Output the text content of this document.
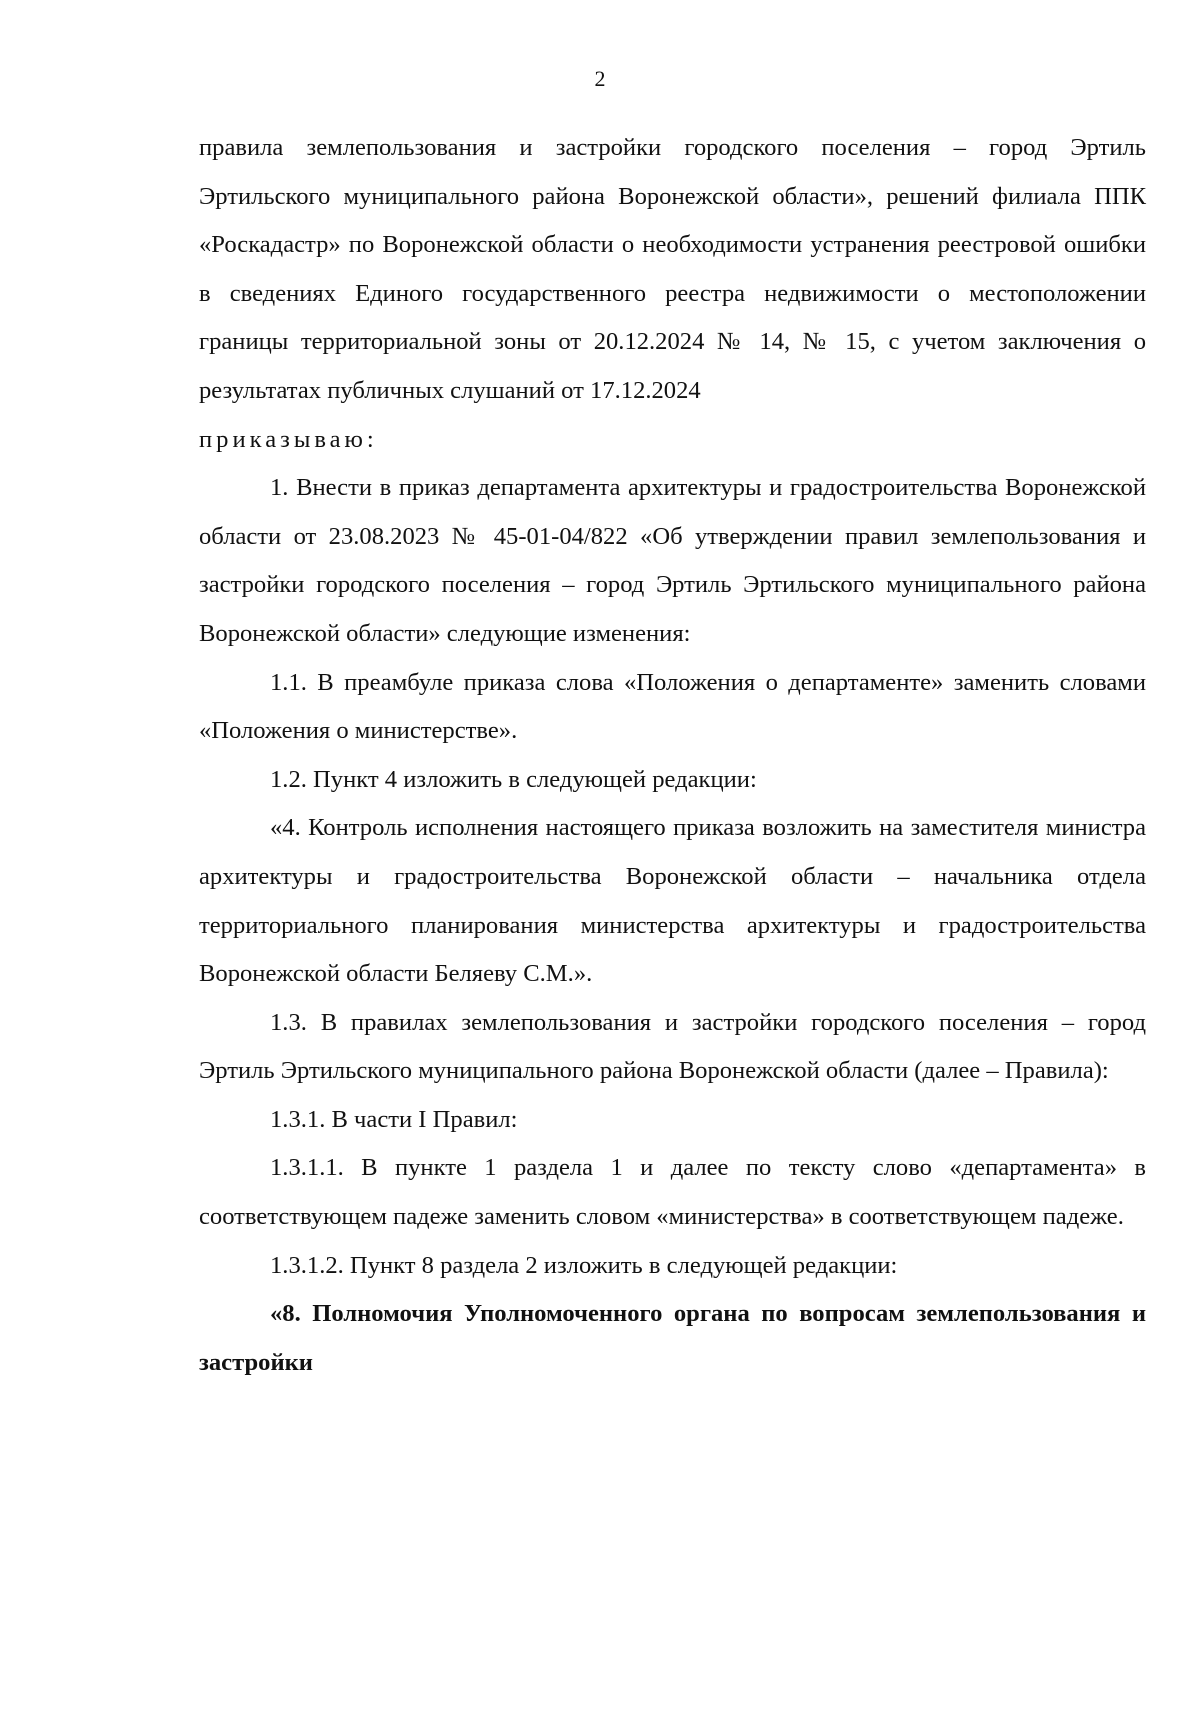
2

правила землепользования и застройки городского поселения – город Эртиль Эртильского муниципального района Воронежской области», решений филиала ППК «Роскадастр» по Воронежской области о необходимости устранения реестровой ошибки в сведениях Единого государственного реестра недвижимости о местоположении границы территориальной зоны от 20.12.2024 № 14, № 15, с учетом заключения о результатах публичных слушаний от 17.12.2024

приказываю:

1. Внести в приказ департамента архитектуры и градостроительства Воронежской области от 23.08.2023 № 45-01-04/822 «Об утверждении правил землепользования и застройки городского поселения – город Эртиль Эртильского муниципального района Воронежской области» следующие изменения:

1.1. В преамбуле приказа слова «Положения о департаменте» заменить словами «Положения о министерстве».

1.2. Пункт 4 изложить в следующей редакции:

«4. Контроль исполнения настоящего приказа возложить на заместителя министра архитектуры и градостроительства Воронежской области – начальника отдела территориального планирования министерства архитектуры и градостроительства Воронежской области Беляеву С.М.».

1.3. В правилах землепользования и застройки городского поселения – город Эртиль Эртильского муниципального района Воронежской области (далее – Правила):

1.3.1. В части I Правил:

1.3.1.1. В пункте 1 раздела 1 и далее по тексту слово «департамента» в соответствующем падеже заменить словом «министерства» в соответствующем падеже.

1.3.1.2. Пункт 8 раздела 2 изложить в следующей редакции:

«8. Полномочия Уполномоченного органа по вопросам землепользования и застройки
